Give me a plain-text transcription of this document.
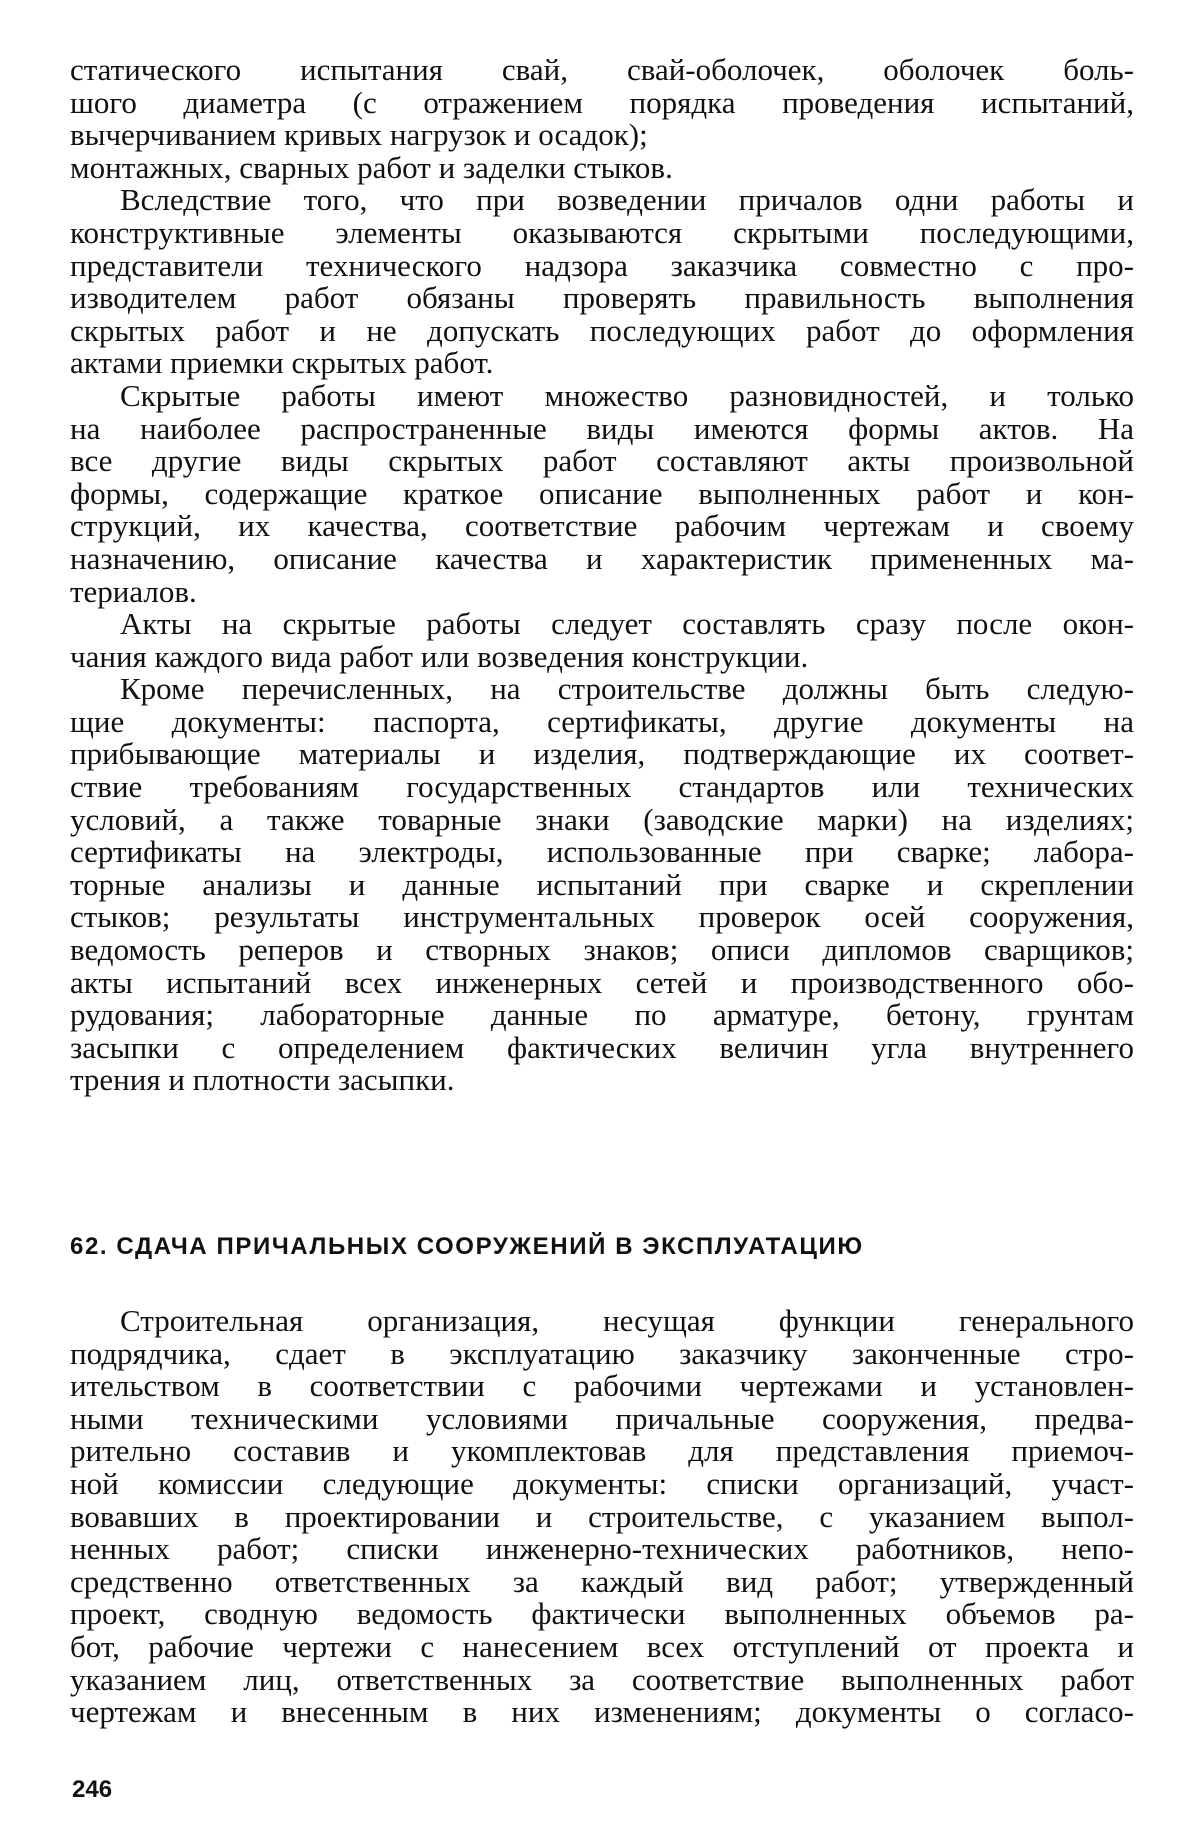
статического испытания свай, свай-оболочек, оболочек боль-
шого диаметра (с отражением порядка проведения испытаний,
вычерчиванием кривых нагрузок и осадок);
монтажных, сварных работ и заделки стыков.
Вследствие того, что при возведении причалов одни работы и
конструктивные элементы оказываются скрытыми последующими,
представители технического надзора заказчика совместно с про-
изводителем работ обязаны проверять правильность выполнения
скрытых работ и не допускать последующих работ до оформления
актами приемки скрытых работ.
Скрытые работы имеют множество разновидностей, и только
на наиболее распространенные виды имеются формы актов. На
все другие виды скрытых работ составляют акты произвольной
формы, содержащие краткое описание выполненных работ и кон-
струкций, их качества, соответствие рабочим чертежам и своему
назначению, описание качества и характеристик примененных ма-
териалов.
Акты на скрытые работы следует составлять сразу после окон-
чания каждого вида работ или возведения конструкции.
Кроме перечисленных, на строительстве должны быть следую-
щие документы: паспорта, сертификаты, другие документы на
прибывающие материалы и изделия, подтверждающие их соответ-
ствие требованиям государственных стандартов или технических
условий, а также товарные знаки (заводские марки) на изделиях;
сертификаты на электроды, использованные при сварке; лабора-
торные анализы и данные испытаний при сварке и скреплении
стыков; результаты инструментальных проверок осей сооружения,
ведомость реперов и створных знаков; описи дипломов сварщиков;
акты испытаний всех инженерных сетей и производственного обо-
рудования; лабораторные данные по арматуре, бетону, грунтам
засыпки с определением фактических величин угла внутреннего
трения и плотности засыпки.
62. СДАЧА ПРИЧАЛЬНЫХ СООРУЖЕНИЙ В ЭКСПЛУАТАЦИЮ
Строительная организация, несущая функции генерального
подрядчика, сдает в эксплуатацию заказчику законченные стро-
ительством в соответствии с рабочими чертежами и установлен-
ными техническими условиями причальные сооружения, предва-
рительно составив и укомплектовав для представления приемоч-
ной комиссии следующие документы: списки организаций, участ-
вовавших в проектировании и строительстве, с указанием выпол-
ненных работ; списки инженерно-технических работников, непо-
средственно ответственных за каждый вид работ; утвержденный
проект, сводную ведомость фактически выполненных объемов ра-
бот, рабочие чертежи с нанесением всех отступлений от проекта и
указанием лиц, ответственных за соответствие выполненных работ
чертежам и внесенным в них изменениям; документы о согласо-
246
